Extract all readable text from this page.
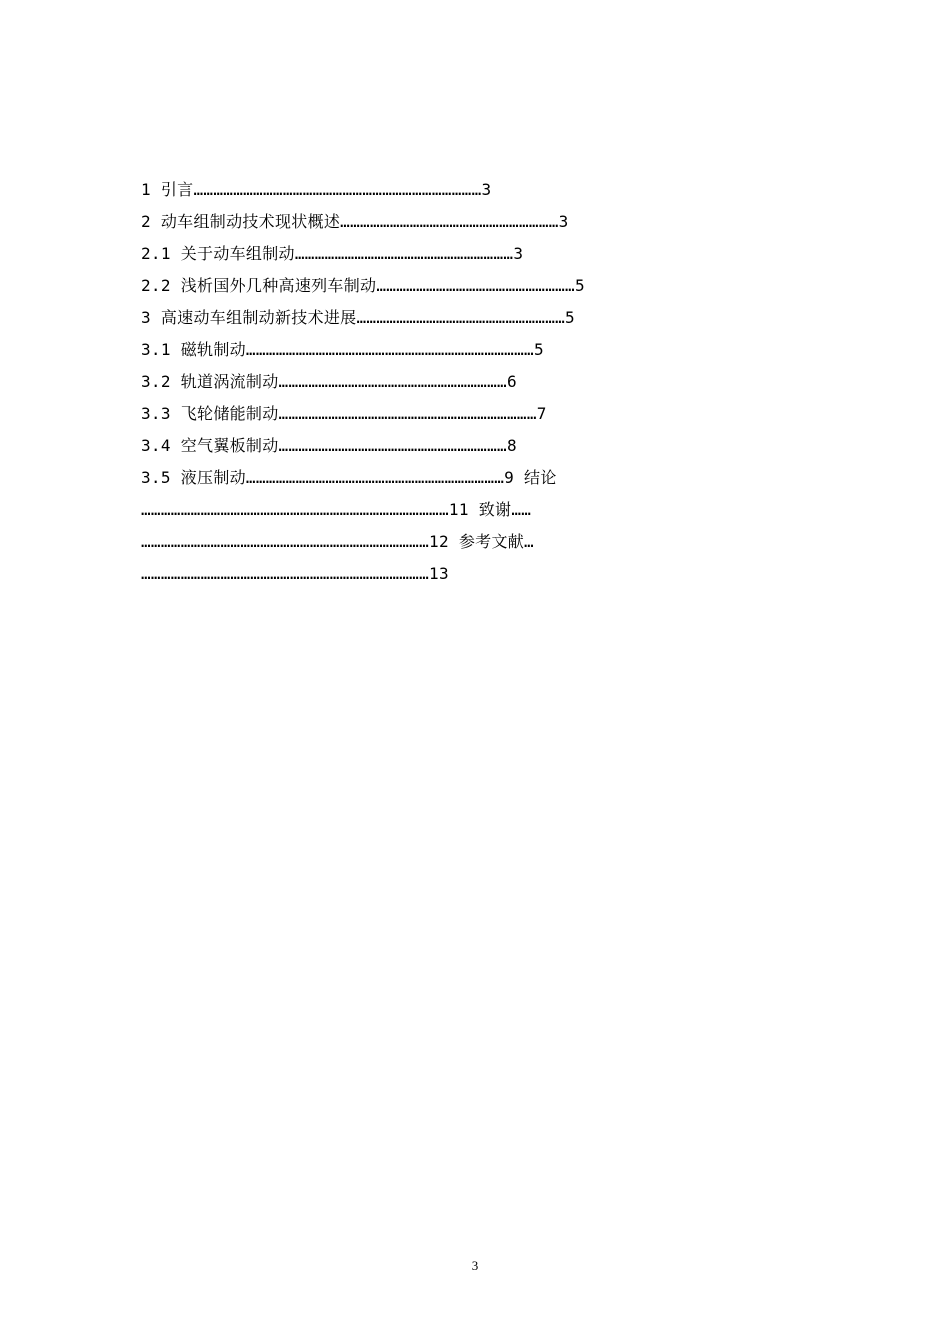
1 引言……………………………………………………………………………3
2 动车组制动技术现状概述…………………………………………………………3
2.1 关于动车组制动…………………………………………………………3
2.2 浅析国外几种高速列车制动……………………………………………………5
3 高速动车组制动新技术进展………………………………………………………5
3.1 磁轨制动……………………………………………………………………………5
3.2 轨道涡流制动……………………………………………………………6
3.3 飞轮储能制动……………………………………………………………………7
3.4 空气翼板制动……………………………………………………………8
3.5 液压制动……………………………………………………………………9 结论
…………………………………………………………………………………11 致谢……
……………………………………………………………………………12 参考文献…
……………………………………………………………………………13
3
